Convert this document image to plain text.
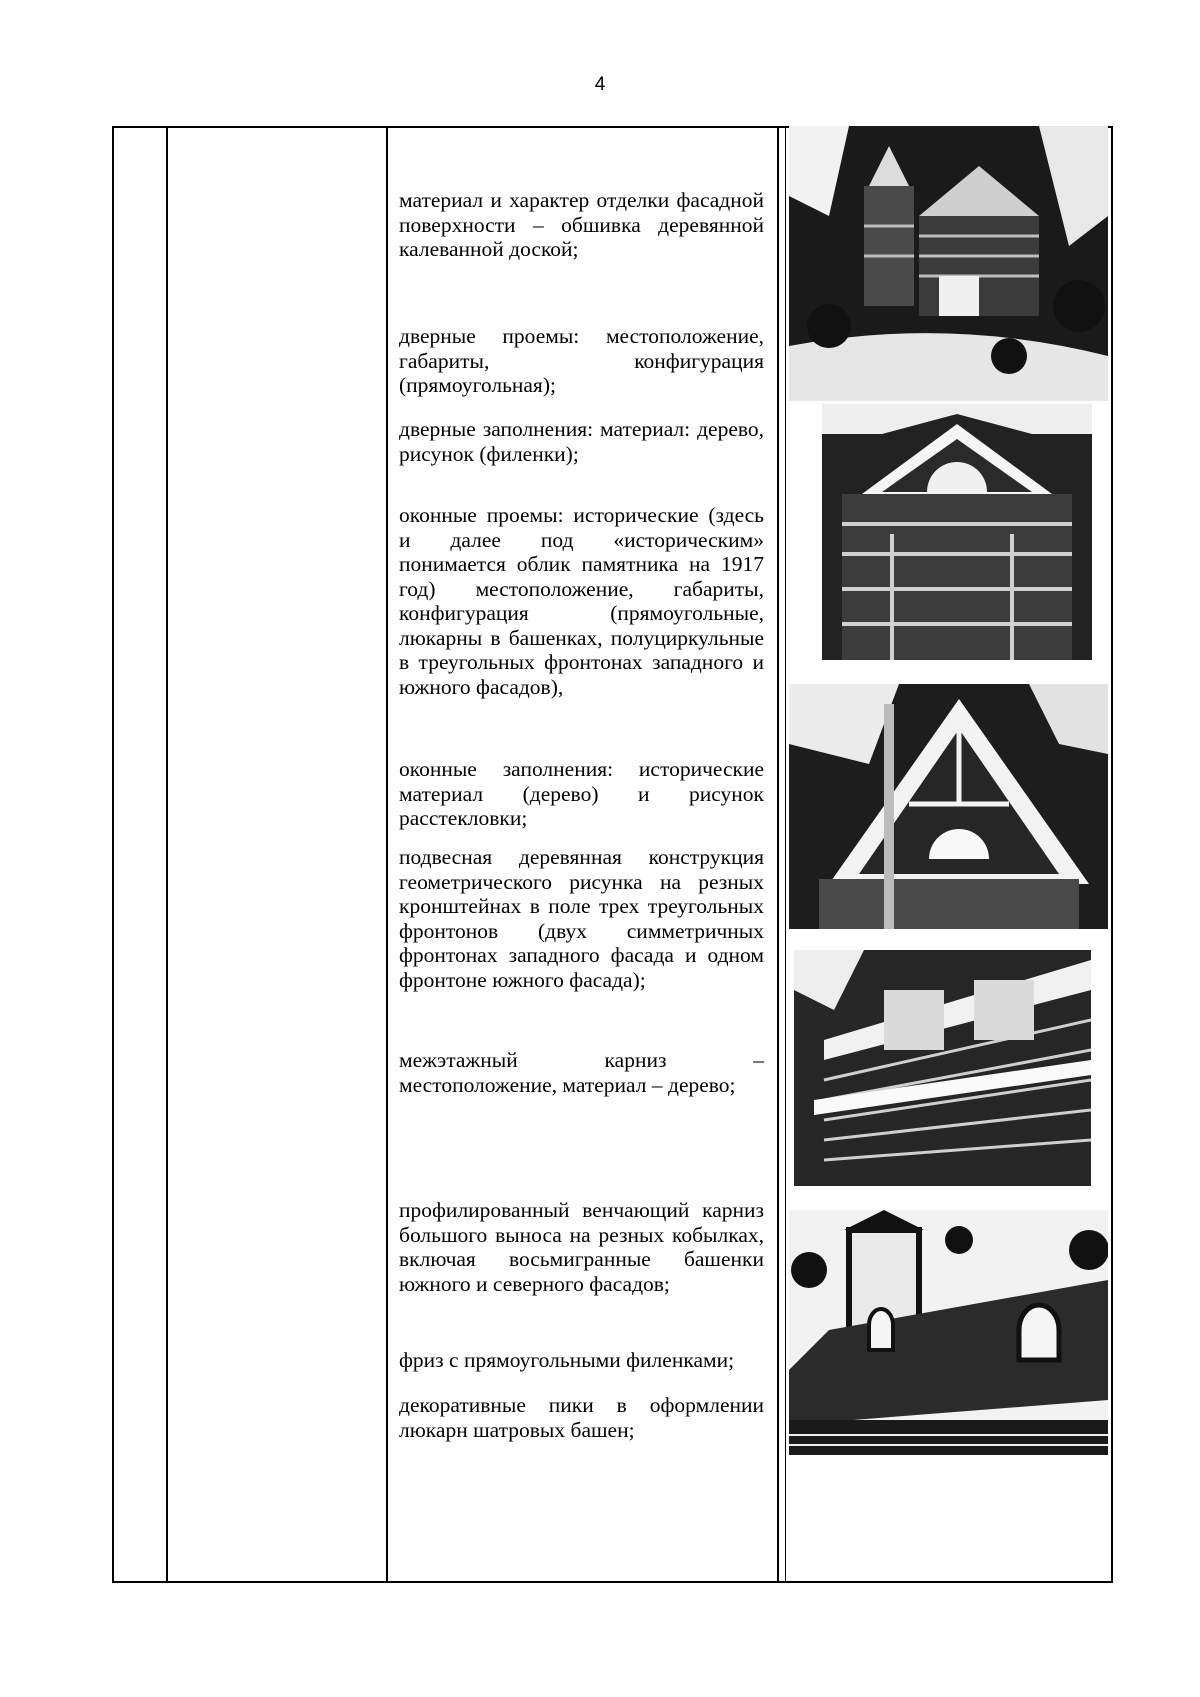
4
материал и характер отделки фасадной поверхности – обшивка деревянной калеванной доской;
дверные проемы: местоположение, габариты, конфигурация (прямоугольная);
дверные заполнения: материал: дерево, рисунок (филенки);
оконные проемы: исторические (здесь и далее под «историческим» понимается облик памятника на 1917 год) местоположение, габариты, конфигурация (прямоугольные, люкарны в башенках, полуциркульные в треугольных фронтонах западного и южного фасадов),
оконные заполнения: исторические материал (дерево) и рисунок расстекловки;
подвесная деревянная конструкция геометрического рисунка на резных кронштейнах в поле трех треугольных фронтонов (двух симметричных фронтонах западного фасада и одном фронтоне южного фасада);
межэтажный карниз – местоположение, материал – дерево;
профилированный венчающий карниз большого выноса на резных кобылках, включая восьмигранные башенки южного и северного фасадов;
фриз с прямоугольными филенками;
декоративные пики в оформлении люкарн шатровых башен;
